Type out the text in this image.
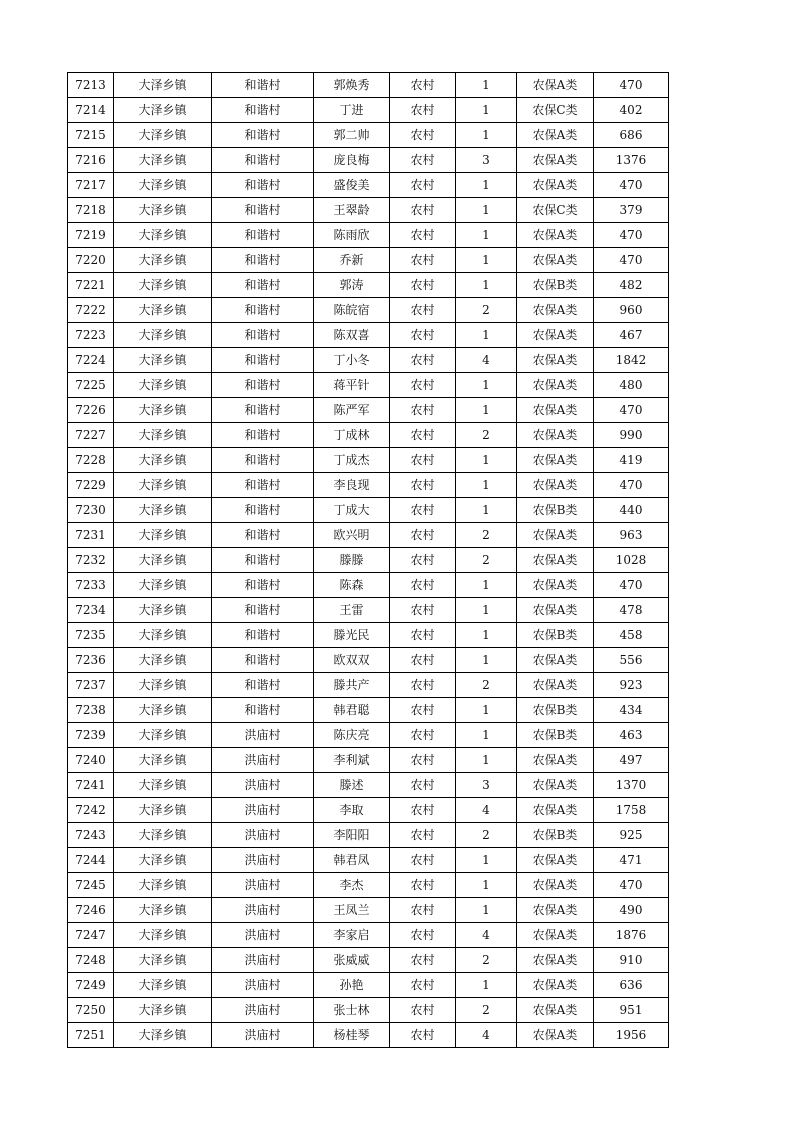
7213	大泽乡镇	和谐村	郭焕秀	农村	1	农保A类	470
7214	大泽乡镇	和谐村	丁进	农村	1	农保C类	402
7215	大泽乡镇	和谐村	郭二帅	农村	1	农保A类	686
7216	大泽乡镇	和谐村	庞良梅	农村	3	农保A类	1376
7217	大泽乡镇	和谐村	盛俊美	农村	1	农保A类	470
7218	大泽乡镇	和谐村	王翠龄	农村	1	农保C类	379
7219	大泽乡镇	和谐村	陈雨欣	农村	1	农保A类	470
7220	大泽乡镇	和谐村	乔新	农村	1	农保A类	470
7221	大泽乡镇	和谐村	郭涛	农村	1	农保B类	482
7222	大泽乡镇	和谐村	陈皖宿	农村	2	农保A类	960
7223	大泽乡镇	和谐村	陈双喜	农村	1	农保A类	467
7224	大泽乡镇	和谐村	丁小冬	农村	4	农保A类	1842
7225	大泽乡镇	和谐村	蒋平针	农村	1	农保A类	480
7226	大泽乡镇	和谐村	陈严军	农村	1	农保A类	470
7227	大泽乡镇	和谐村	丁成林	农村	2	农保A类	990
7228	大泽乡镇	和谐村	丁成杰	农村	1	农保A类	419
7229	大泽乡镇	和谐村	李良现	农村	1	农保A类	470
7230	大泽乡镇	和谐村	丁成大	农村	1	农保B类	440
7231	大泽乡镇	和谐村	欧兴明	农村	2	农保A类	963
7232	大泽乡镇	和谐村	滕滕	农村	2	农保A类	1028
7233	大泽乡镇	和谐村	陈森	农村	1	农保A类	470
7234	大泽乡镇	和谐村	王雷	农村	1	农保A类	478
7235	大泽乡镇	和谐村	滕光民	农村	1	农保B类	458
7236	大泽乡镇	和谐村	欧双双	农村	1	农保A类	556
7237	大泽乡镇	和谐村	滕共产	农村	2	农保A类	923
7238	大泽乡镇	和谐村	韩君聪	农村	1	农保B类	434
7239	大泽乡镇	洪庙村	陈庆亮	农村	1	农保B类	463
7240	大泽乡镇	洪庙村	李利斌	农村	1	农保A类	497
7241	大泽乡镇	洪庙村	滕述	农村	3	农保A类	1370
7242	大泽乡镇	洪庙村	李取	农村	4	农保A类	1758
7243	大泽乡镇	洪庙村	李阳阳	农村	2	农保B类	925
7244	大泽乡镇	洪庙村	韩君凤	农村	1	农保A类	471
7245	大泽乡镇	洪庙村	李杰	农村	1	农保A类	470
7246	大泽乡镇	洪庙村	王凤兰	农村	1	农保A类	490
7247	大泽乡镇	洪庙村	李家启	农村	4	农保A类	1876
7248	大泽乡镇	洪庙村	张威威	农村	2	农保A类	910
7249	大泽乡镇	洪庙村	孙艳	农村	1	农保A类	636
7250	大泽乡镇	洪庙村	张士林	农村	2	农保A类	951
7251	大泽乡镇	洪庙村	杨桂琴	农村	4	农保A类	1956
